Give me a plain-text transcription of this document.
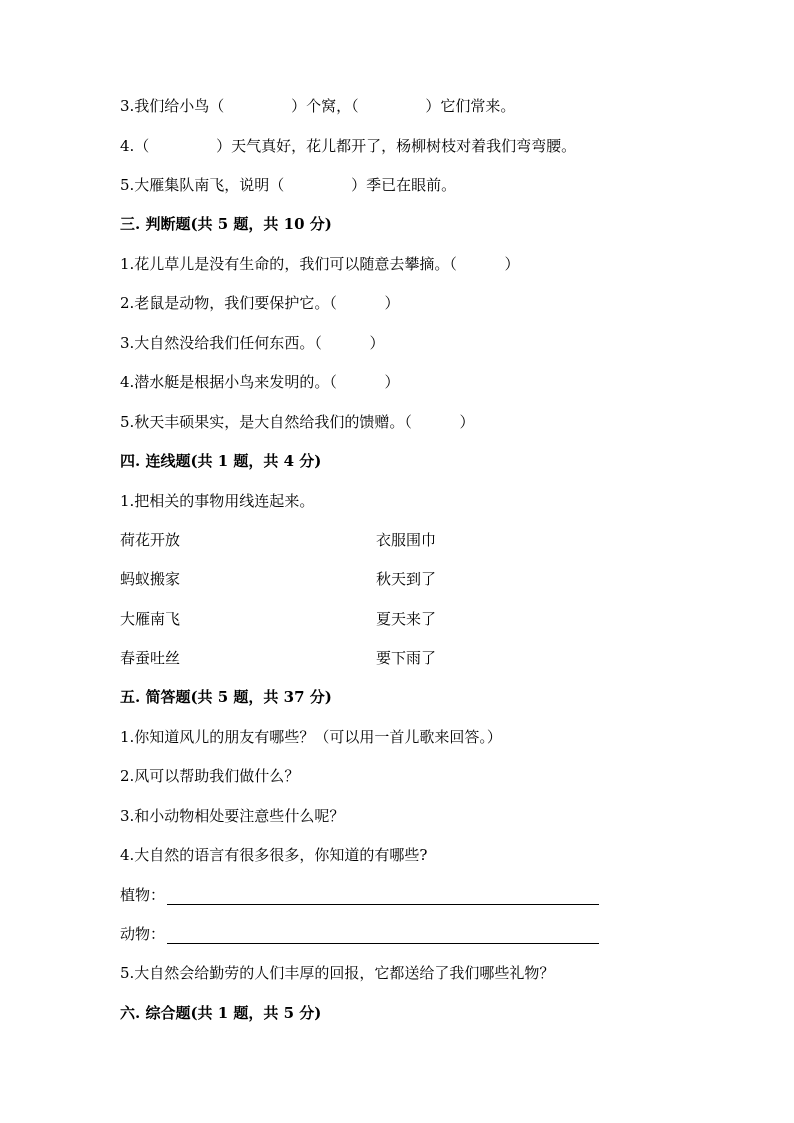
3.我们给小鸟（              ）个窝，（              ）它们常来。
4.（              ）天气真好，花儿都开了，杨柳树枝对着我们弯弯腰。
5.大雁集队南飞，说明（              ）季已在眼前。
三. 判断题(共 5 题，共 10 分)
1.花儿草儿是没有生命的，我们可以随意去攀摘。（          ）
2.老鼠是动物，我们要保护它。（          ）
3.大自然没给我们任何东西。（          ）
4.潜水艇是根据小鸟来发明的。（          ）
5.秋天丰硕果实，是大自然给我们的馈赠。（          ）
四. 连线题(共 1 题，共 4 分)
1.把相关的事物用线连起来。
荷花开放	衣服围巾
蚂蚁搬家	秋天到了
大雁南飞	夏天来了
春蚕吐丝	要下雨了
五. 简答题(共 5 题，共 37 分)
1.你知道风儿的朋友有哪些？（可以用一首儿歌来回答。）
2.风可以帮助我们做什么？
3.和小动物相处要注意些什么呢？
4.大自然的语言有很多很多，你知道的有哪些?
植物：
动物：
5.大自然会给勤劳的人们丰厚的回报，它都送给了我们哪些礼物？
六. 综合题(共 1 题，共 5 分)
